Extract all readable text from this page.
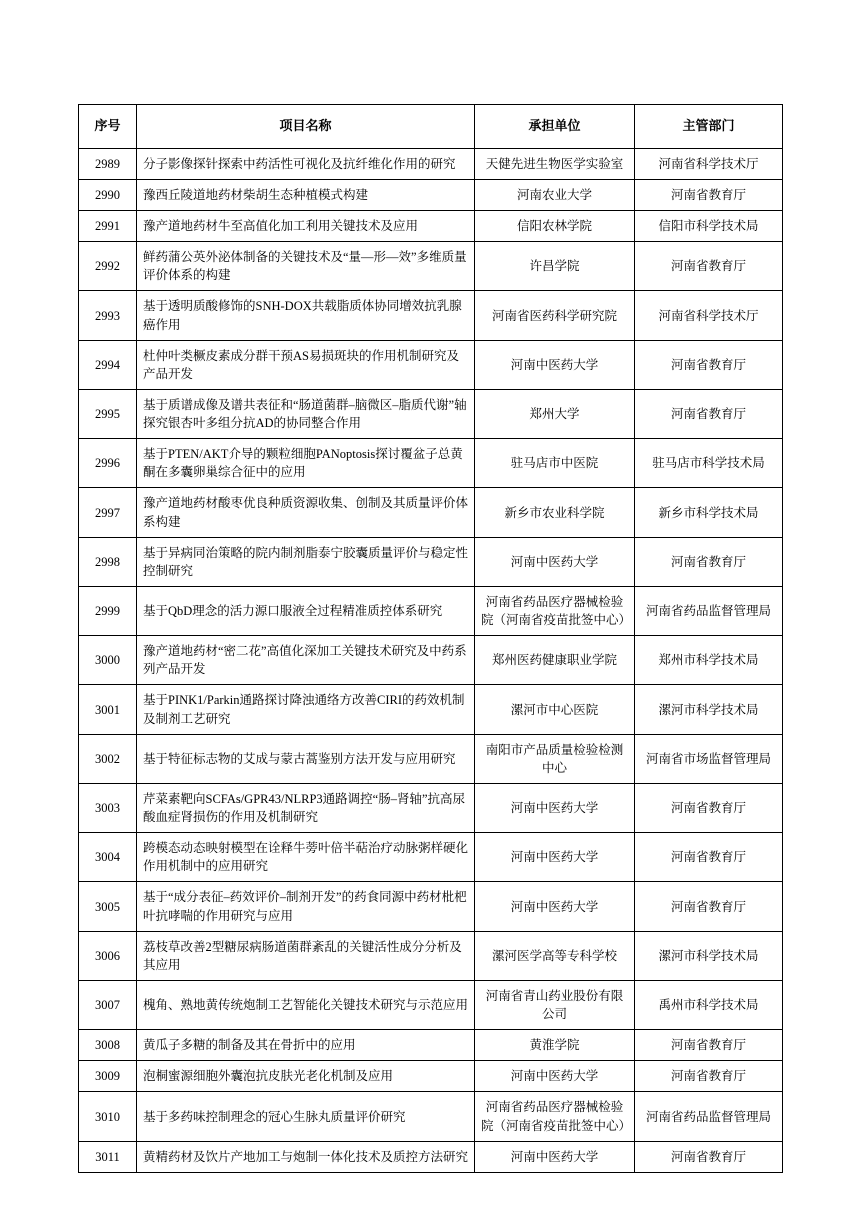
序号	项目名称	承担单位	主管部门

2989	分子影像探针探索中药活性可视化及抗纤维化作用的研究	天健先进生物医学实验室	河南省科学技术厅

2990	豫西丘陵道地药材柴胡生态种植模式构建	河南农业大学	河南省教育厅

2991	豫产道地药材牛至高值化加工利用关键技术及应用	信阳农林学院	信阳市科学技术局

2992	鲜药蒲公英外泌体制备的关键技术及“量—形—效”多维质量评价体系的构建	许昌学院	河南省教育厅

2993	基于透明质酸修饰的SNH-DOX共载脂质体协同增效抗乳腺癌作用	河南省医药科学研究院	河南省科学技术厅

2994	杜仲叶类橛皮素成分群干预AS易损斑块的作用机制研究及产品开发	河南中医药大学	河南省教育厅

2995	基于质谱成像及谱共表征和“肠道菌群–脑微区–脂质代谢”轴探究银杏叶多组分抗AD的协同整合作用	郑州大学	河南省教育厅

2996	基于PTEN/AKT介导的颗粒细胞PANoptosis探讨覆盆子总黄酮在多囊卵巢综合征中的应用	驻马店市中医院	驻马店市科学技术局

2997	豫产道地药材酸枣优良种质资源收集、创制及其质量评价体系构建	新乡市农业科学院	新乡市科学技术局

2998	基于异病同治策略的院内制剂脂泰宁胶囊质量评价与稳定性控制研究	河南中医药大学	河南省教育厅

2999	基于QbD理念的活力源口服液全过程精准质控体系研究	河南省药品医疗器械检验院（河南省疫苗批签中心）	河南省药品监督管理局

3000	豫产道地药材“密二花”高值化深加工关键技术研究及中药系列产品开发	郑州医药健康职业学院	郑州市科学技术局

3001	基于PINK1/Parkin通路探讨降浊通络方改善CIRI的药效机制及制剂工艺研究	漯河市中心医院	漯河市科学技术局

3002	基于特征标志物的艾成与蒙古蒿鉴别方法开发与应用研究	南阳市产品质量检验检测中心	河南省市场监督管理局

3003	芹菜素靶向SCFAs/GPR43/NLRP3通路调控“肠–肾轴”抗高尿酸血症肾损伤的作用及机制研究	河南中医药大学	河南省教育厅

3004	跨模态动态映射模型在诠释牛蒡叶倍半萜治疗动脉粥样硬化作用机制中的应用研究	河南中医药大学	河南省教育厅

3005	基于“成分表征–药效评价–制剂开发”的药食同源中药材枇杷叶抗哮喘的作用研究与应用	河南中医药大学	河南省教育厅

3006	荔枝草改善2型糖尿病肠道菌群紊乱的关键活性成分分析及其应用	漯河医学高等专科学校	漯河市科学技术局

3007	槐角、熟地黄传统炮制工艺智能化关键技术研究与示范应用	河南省青山药业股份有限公司	禹州市科学技术局

3008	黄瓜子多糖的制备及其在骨折中的应用	黄淮学院	河南省教育厅

3009	泡桐蜜源细胞外囊泡抗皮肤光老化机制及应用	河南中医药大学	河南省教育厅

3010	基于多药味控制理念的冠心生脉丸质量评价研究	河南省药品医疗器械检验院（河南省疫苗批签中心）	河南省药品监督管理局

3011	黄精药材及饮片产地加工与炮制一体化技术及质控方法研究	河南中医药大学	河南省教育厅
